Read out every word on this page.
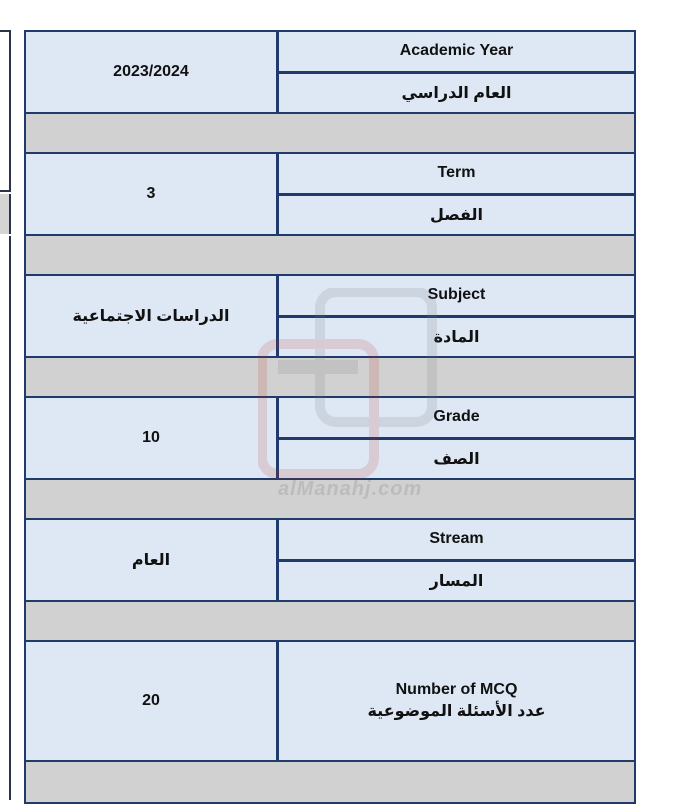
2023/2024
Academic Year
العام الدراسي
3
Term
الفصل
الدراسات الاجتماعية
Subject
المادة
10
Grade
الصف
العام
Stream
المسار
20
Number of MCQ
عدد الأسئلة الموضوعية
